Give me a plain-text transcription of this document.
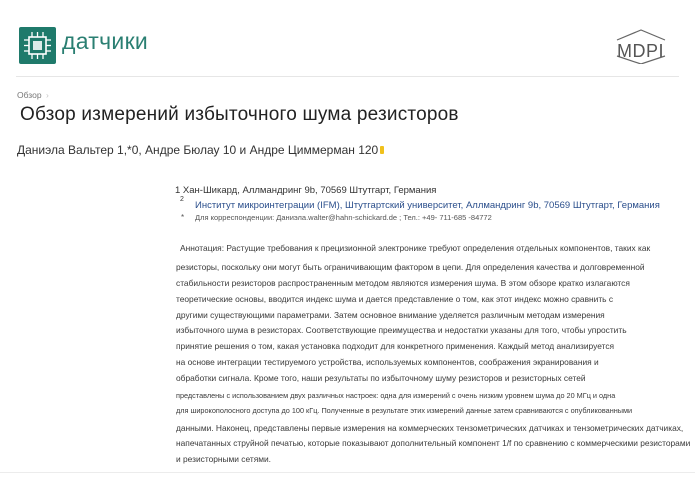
датчики	MDPI
Обзор ›
Обзор измерений избыточного шума резисторов
Даниэла Вальтер 1,*0, Андре Бюлау 10 и Андре Циммерман 120
1 Хан-Шикард, Аллмандринг 9b, 70569 Штутгарт, Германия
2
Институт микроинтеграции (IFM), Штутгартский университет, Аллмандринг 9b, 70569 Штутгарт, Германия
* Для корреспонденции: Даниэла.walter@hahn-schickard.de ; Тел.: +49- 711-685 -84772
Аннотация: Растущие требования к прецизионной электронике требуют определения отдельных компонентов, таких как
резисторы, поскольку они могут быть ограничивающим фактором в цепи. Для определения качества и долговременной
стабильности резисторов распространенным методом являются измерения шума. В этом обзоре кратко излагаются
теоретические основы, вводится индекс шума и дается представление о том, как этот индекс можно сравнить с
другими существующими параметрами. Затем основное внимание уделяется различным методам измерения
избыточного шума в резисторах. Соответствующие преимущества и недостатки указаны для того, чтобы упростить
принятие решения о том, какая установка подходит для конкретного применения. Каждый метод анализируется
на основе интеграции тестируемого устройства, используемых компонентов, соображения экранирования и
обработки сигнала. Кроме того, наши результаты по избыточному шуму резисторов и резисторных сетей
представлены с использованием двух различных настроек: одна для измерений с очень низким уровнем шума до 20 МГц и одна
для широкополосного доступа до 100 кГц. Полученные в результате этих измерений данные затем сравниваются с опубликованными
данными. Наконец, представлены первые измерения на коммерческих тензометрических датчиках и тензометрических датчиках,
напечатанных струйной печатью, которые показывают дополнительный компонент 1/f по сравнению с коммерческими резисторами
и резисторными сетями.
